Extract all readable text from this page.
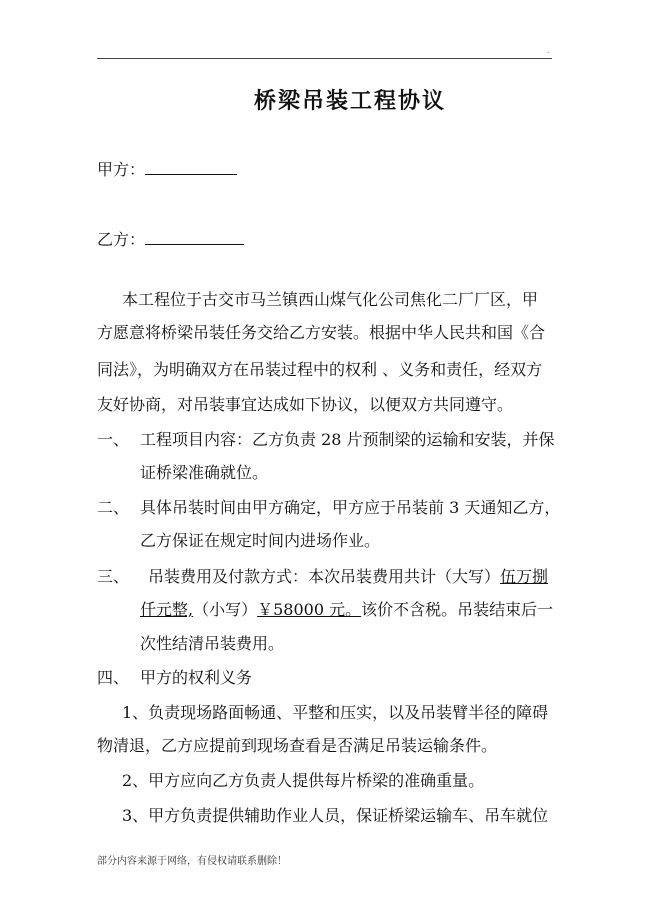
.
桥梁吊装工程协议
甲方：
乙方：
本工程位于古交市马兰镇西山煤气化公司焦化二厂厂区，甲
方愿意将桥梁吊装任务交给乙方安装。根据中华人民共和国《合
同法》，为明确双方在吊装过程中的权利 、义务和责任，经双方
友好协商，对吊装事宜达成如下协议，以便双方共同遵守。
一、 工程项目内容：乙方负责 28 片预制梁的运输和安装，并保
证桥梁准确就位。
二、 具体吊装时间由甲方确定，甲方应于吊装前 3 天通知乙方，
乙方保证在规定时间内进场作业。
三、 吊装费用及付款方式：本次吊装费用共计（大写）伍万捌
仟元整,（小写）￥58000 元。该价不含税。吊装结束后一
次性结清吊装费用。
四、 甲方的权利义务
1、负责现场路面畅通、平整和压实，以及吊装臂半径的障碍
物清退，乙方应提前到现场查看是否满足吊装运输条件。
2、甲方应向乙方负责人提供每片桥梁的准确重量。
3、甲方负责提供辅助作业人员，保证桥梁运输车、吊车就位
部分内容来源于网络，有侵权请联系删除！
